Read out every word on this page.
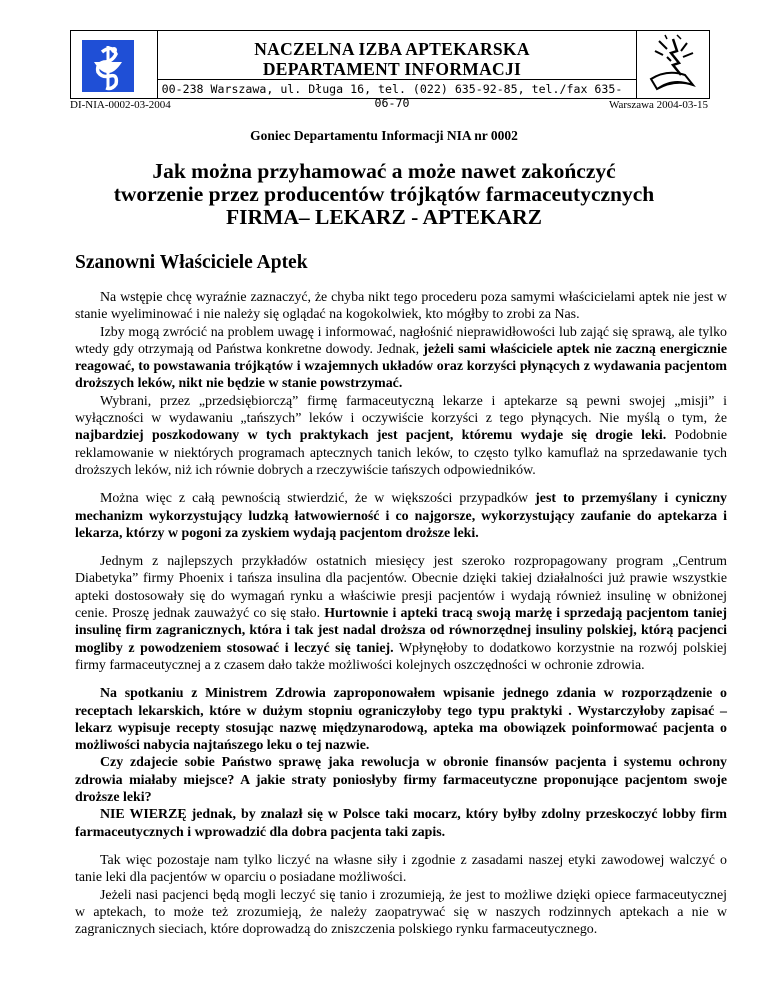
NACZELNA IZBA APTEKARSKA
DEPARTAMENT INFORMACJI
00-238 Warszawa, ul. Długa 16, tel. (022) 635-92-85, tel./fax 635-06-70
DI-NIA-0002-03-2004	Warszawa 2004-03-15
Goniec Departamentu Informacji NIA nr 0002
Jak można przyhamować a może nawet zakończyć
tworzenie przez producentów trójkątów farmaceutycznych
FIRMA– LEKARZ - APTEKARZ
Szanowni Właściciele Aptek

Na wstępie chcę wyraźnie zaznaczyć, że chyba nikt tego procederu poza samymi właścicielami aptek nie jest w stanie wyeliminować i nie należy się oglądać na kogokolwiek, kto mógłby to zrobi za Nas.

Izby mogą zwrócić na problem uwagę i informować, nagłośnić nieprawidłowości lub zająć się sprawą, ale tylko wtedy gdy otrzymają od Państwa konkretne dowody. Jednak, jeżeli sami właściciele aptek nie zaczną energicznie reagować, to powstawania trójkątów i wzajemnych układów oraz korzyści płynących z wydawania pacjentom droższych leków, nikt nie będzie w stanie powstrzymać.

Wybrani, przez „przedsiębiorczą” firmę farmaceutyczną lekarze i aptekarze są pewni swojej „misji” i wyłączności w wydawaniu „tańszych” leków i oczywiście korzyści z tego płynących. Nie myślą o tym, że najbardziej poszkodowany w tych praktykach jest pacjent, któremu wydaje się drogie leki. Podobnie reklamowanie w niektórych programach aptecznych tanich leków, to często tylko kamuflaż na sprzedawanie tych droższych leków, niż ich równie dobrych a rzeczywiście tańszych odpowiedników.

Można więc z całą pewnością stwierdzić, że w większości przypadków jest to przemyślany i cyniczny mechanizm wykorzystujący ludzką łatwowierność i co najgorsze, wykorzystujący zaufanie do aptekarza i lekarza, którzy w pogoni za zyskiem wydają pacjentom droższe leki.

Jednym z najlepszych przykładów ostatnich miesięcy jest szeroko rozpropagowany program „Centrum Diabetyka” firmy Phoenix i tańsza insulina dla pacjentów. Obecnie dzięki takiej działalności już prawie wszystkie apteki dostosowały się do wymagań rynku a właściwie presji pacjentów i wydają również insulinę w obniżonej cenie. Proszę jednak zauważyć co się stało. Hurtownie i apteki tracą swoją marżę i sprzedają pacjentom taniej insulinę firm zagranicznych, która i tak jest nadal droższa od równorzędnej insuliny polskiej, którą pacjenci mogliby z powodzeniem stosować i leczyć się taniej. Wpłynęłoby to dodatkowo korzystnie na rozwój polskiej firmy farmaceutycznej a z czasem dało także możliwości kolejnych oszczędności w ochronie zdrowia.

Na spotkaniu z Ministrem Zdrowia zaproponowałem wpisanie jednego zdania w rozporządzenie o receptach lekarskich, które w dużym stopniu ograniczyłoby tego typu praktyki . Wystarczyłoby zapisać – lekarz wypisuje recepty stosując nazwę międzynarodową, apteka ma obowiązek poinformować pacjenta o możliwości nabycia najtańszego leku o tej nazwie.

Czy zdajecie sobie Państwo sprawę jaka rewolucja w obronie finansów pacjenta i systemu ochrony zdrowia miałaby miejsce? A jakie straty poniosłyby firmy farmaceutyczne proponujące pacjentom swoje droższe leki?

NIE WIERZĘ jednak, by znalazł się w Polsce taki mocarz, który byłby zdolny przeskoczyć lobby firm farmaceutycznych i wprowadzić dla dobra pacjenta taki zapis.

Tak więc pozostaje nam tylko liczyć na własne siły i zgodnie z zasadami naszej etyki zawodowej walczyć o tanie leki dla pacjentów w oparciu o posiadane możliwości.

Jeżeli nasi pacjenci będą mogli leczyć się tanio i zrozumieją, że jest to możliwe dzięki opiece farmaceutycznej w aptekach, to może też zrozumieją, że należy zaopatrywać się w naszych rodzinnych aptekach a nie w zagranicznych sieciach, które doprowadzą do zniszczenia polskiego rynku farmaceutycznego.
